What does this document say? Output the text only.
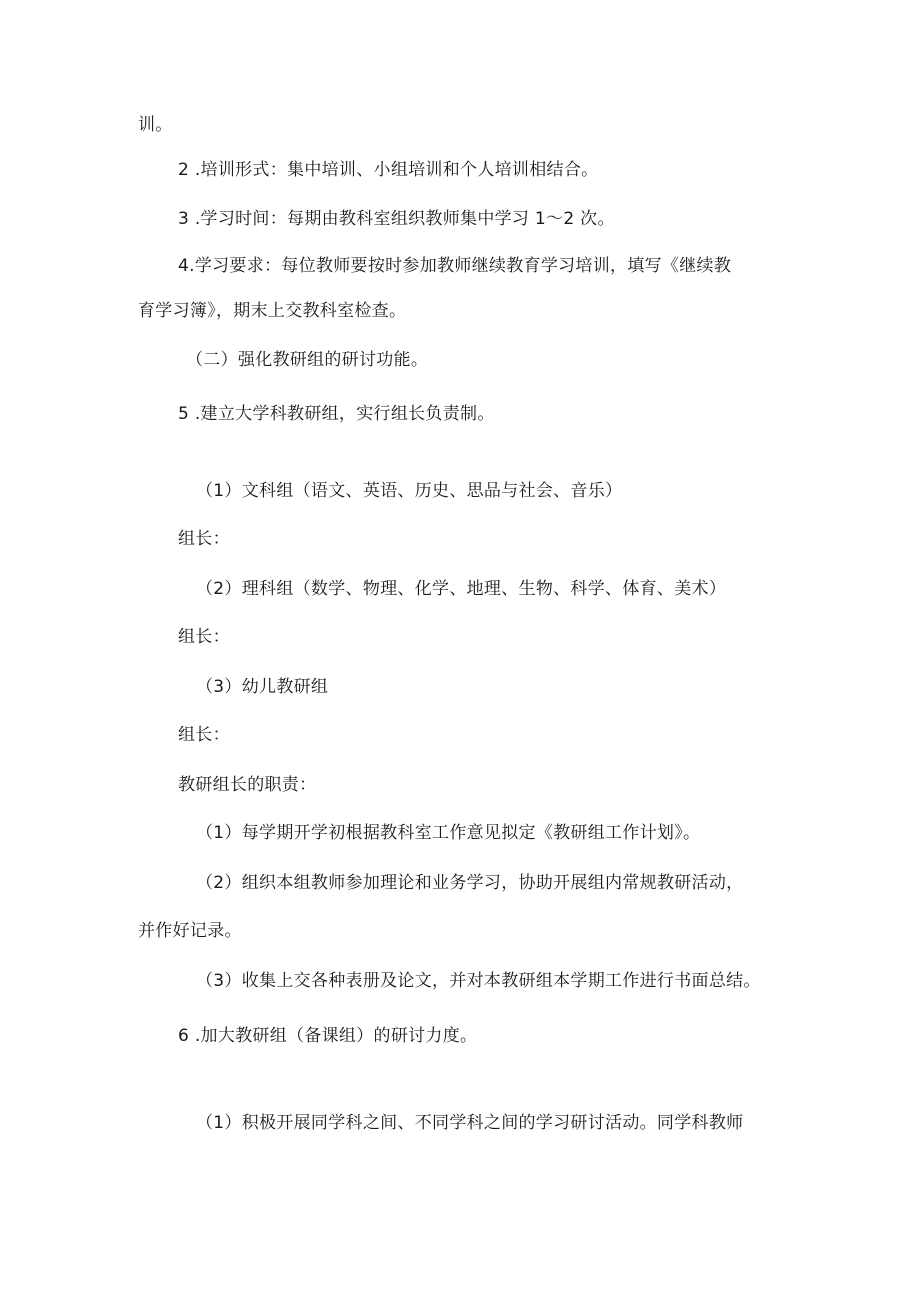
训。
2 .培训形式：集中培训、小组培训和个人培训相结合。
3 .学习时间：每期由教科室组织教师集中学习 1～2 次。
4.学习要求：每位教师要按时参加教师继续教育学习培训，填写《继续教
育学习簿》，期末上交教科室检查。
（二）强化教研组的研讨功能。
5 .建立大学科教研组，实行组长负责制。
（1）文科组（语文、英语、历史、思品与社会、音乐）
组长：
（2）理科组（数学、物理、化学、地理、生物、科学、体育、美术）
组长：
（3）幼儿教研组
组长：
教研组长的职责：
（1）每学期开学初根据教科室工作意见拟定《教研组工作计划》。
（2）组织本组教师参加理论和业务学习，协助开展组内常规教研活动，
并作好记录。
（3）收集上交各种表册及论文，并对本教研组本学期工作进行书面总结。
6 .加大教研组（备课组）的研讨力度。
（1）积极开展同学科之间、不同学科之间的学习研讨活动。同学科教师
